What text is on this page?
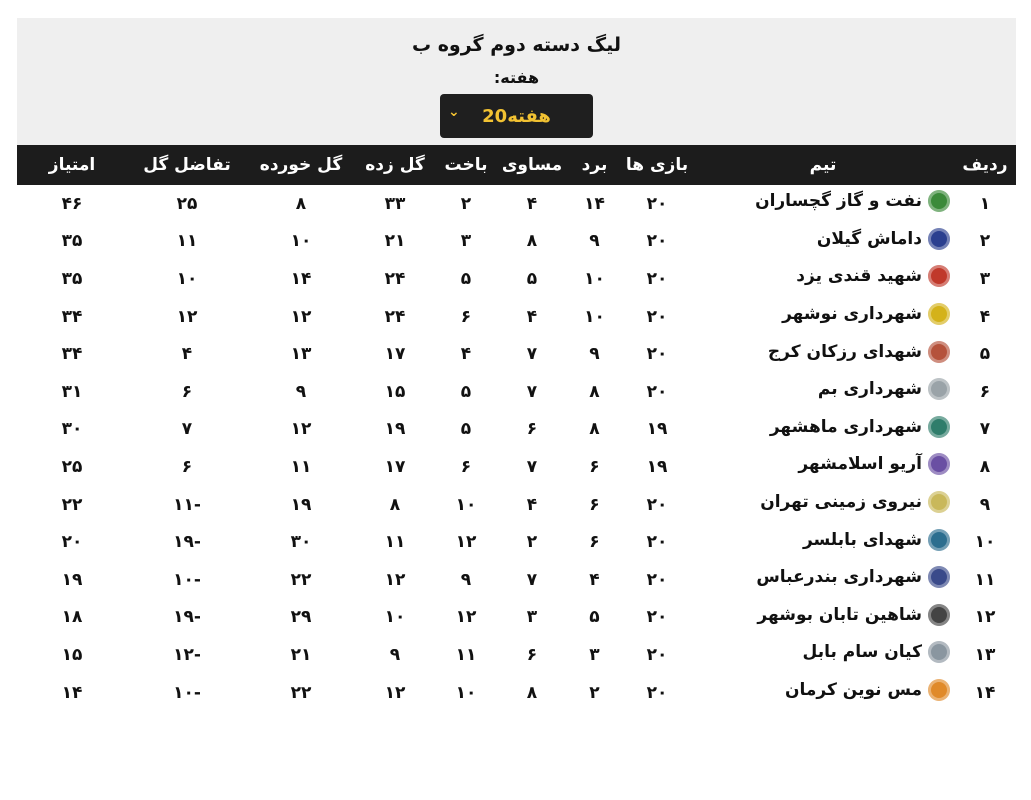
لیگ دسته دوم گروه ب
هفته:
هفته20
⌄
ردیف	تیم	بازی ها	برد	مساوی	باخت	گل زده	گل خورده	تفاضل گل	امتیاز
۱	نفت و گاز گچساران	۲۰	۱۴	۴	۲	۳۳	۸	۲۵	۴۶
۲	داماش گیلان	۲۰	۹	۸	۳	۲۱	۱۰	۱۱	۳۵
۳	شهید قندی یزد	۲۰	۱۰	۵	۵	۲۴	۱۴	۱۰	۳۵
۴	شهرداری نوشهر	۲۰	۱۰	۴	۶	۲۴	۱۲	۱۲	۳۴
۵	شهدای رزکان کرج	۲۰	۹	۷	۴	۱۷	۱۳	۴	۳۴
۶	شهرداری بم	۲۰	۸	۷	۵	۱۵	۹	۶	۳۱
۷	شهرداری ماهشهر	۱۹	۸	۶	۵	۱۹	۱۲	۷	۳۰
۸	آریو اسلامشهر	۱۹	۶	۷	۶	۱۷	۱۱	۶	۲۵
۹	نیروی زمینی تهران	۲۰	۶	۴	۱۰	۸	۱۹	۱۱-	۲۲
۱۰	شهدای بابلسر	۲۰	۶	۲	۱۲	۱۱	۳۰	۱۹-	۲۰
۱۱	شهرداری بندرعباس	۲۰	۴	۷	۹	۱۲	۲۲	۱۰-	۱۹
۱۲	شاهین تابان بوشهر	۲۰	۵	۳	۱۲	۱۰	۲۹	۱۹-	۱۸
۱۳	کیان سام بابل	۲۰	۳	۶	۱۱	۹	۲۱	۱۲-	۱۵
۱۴	مس نوین کرمان	۲۰	۲	۸	۱۰	۱۲	۲۲	۱۰-	۱۴
